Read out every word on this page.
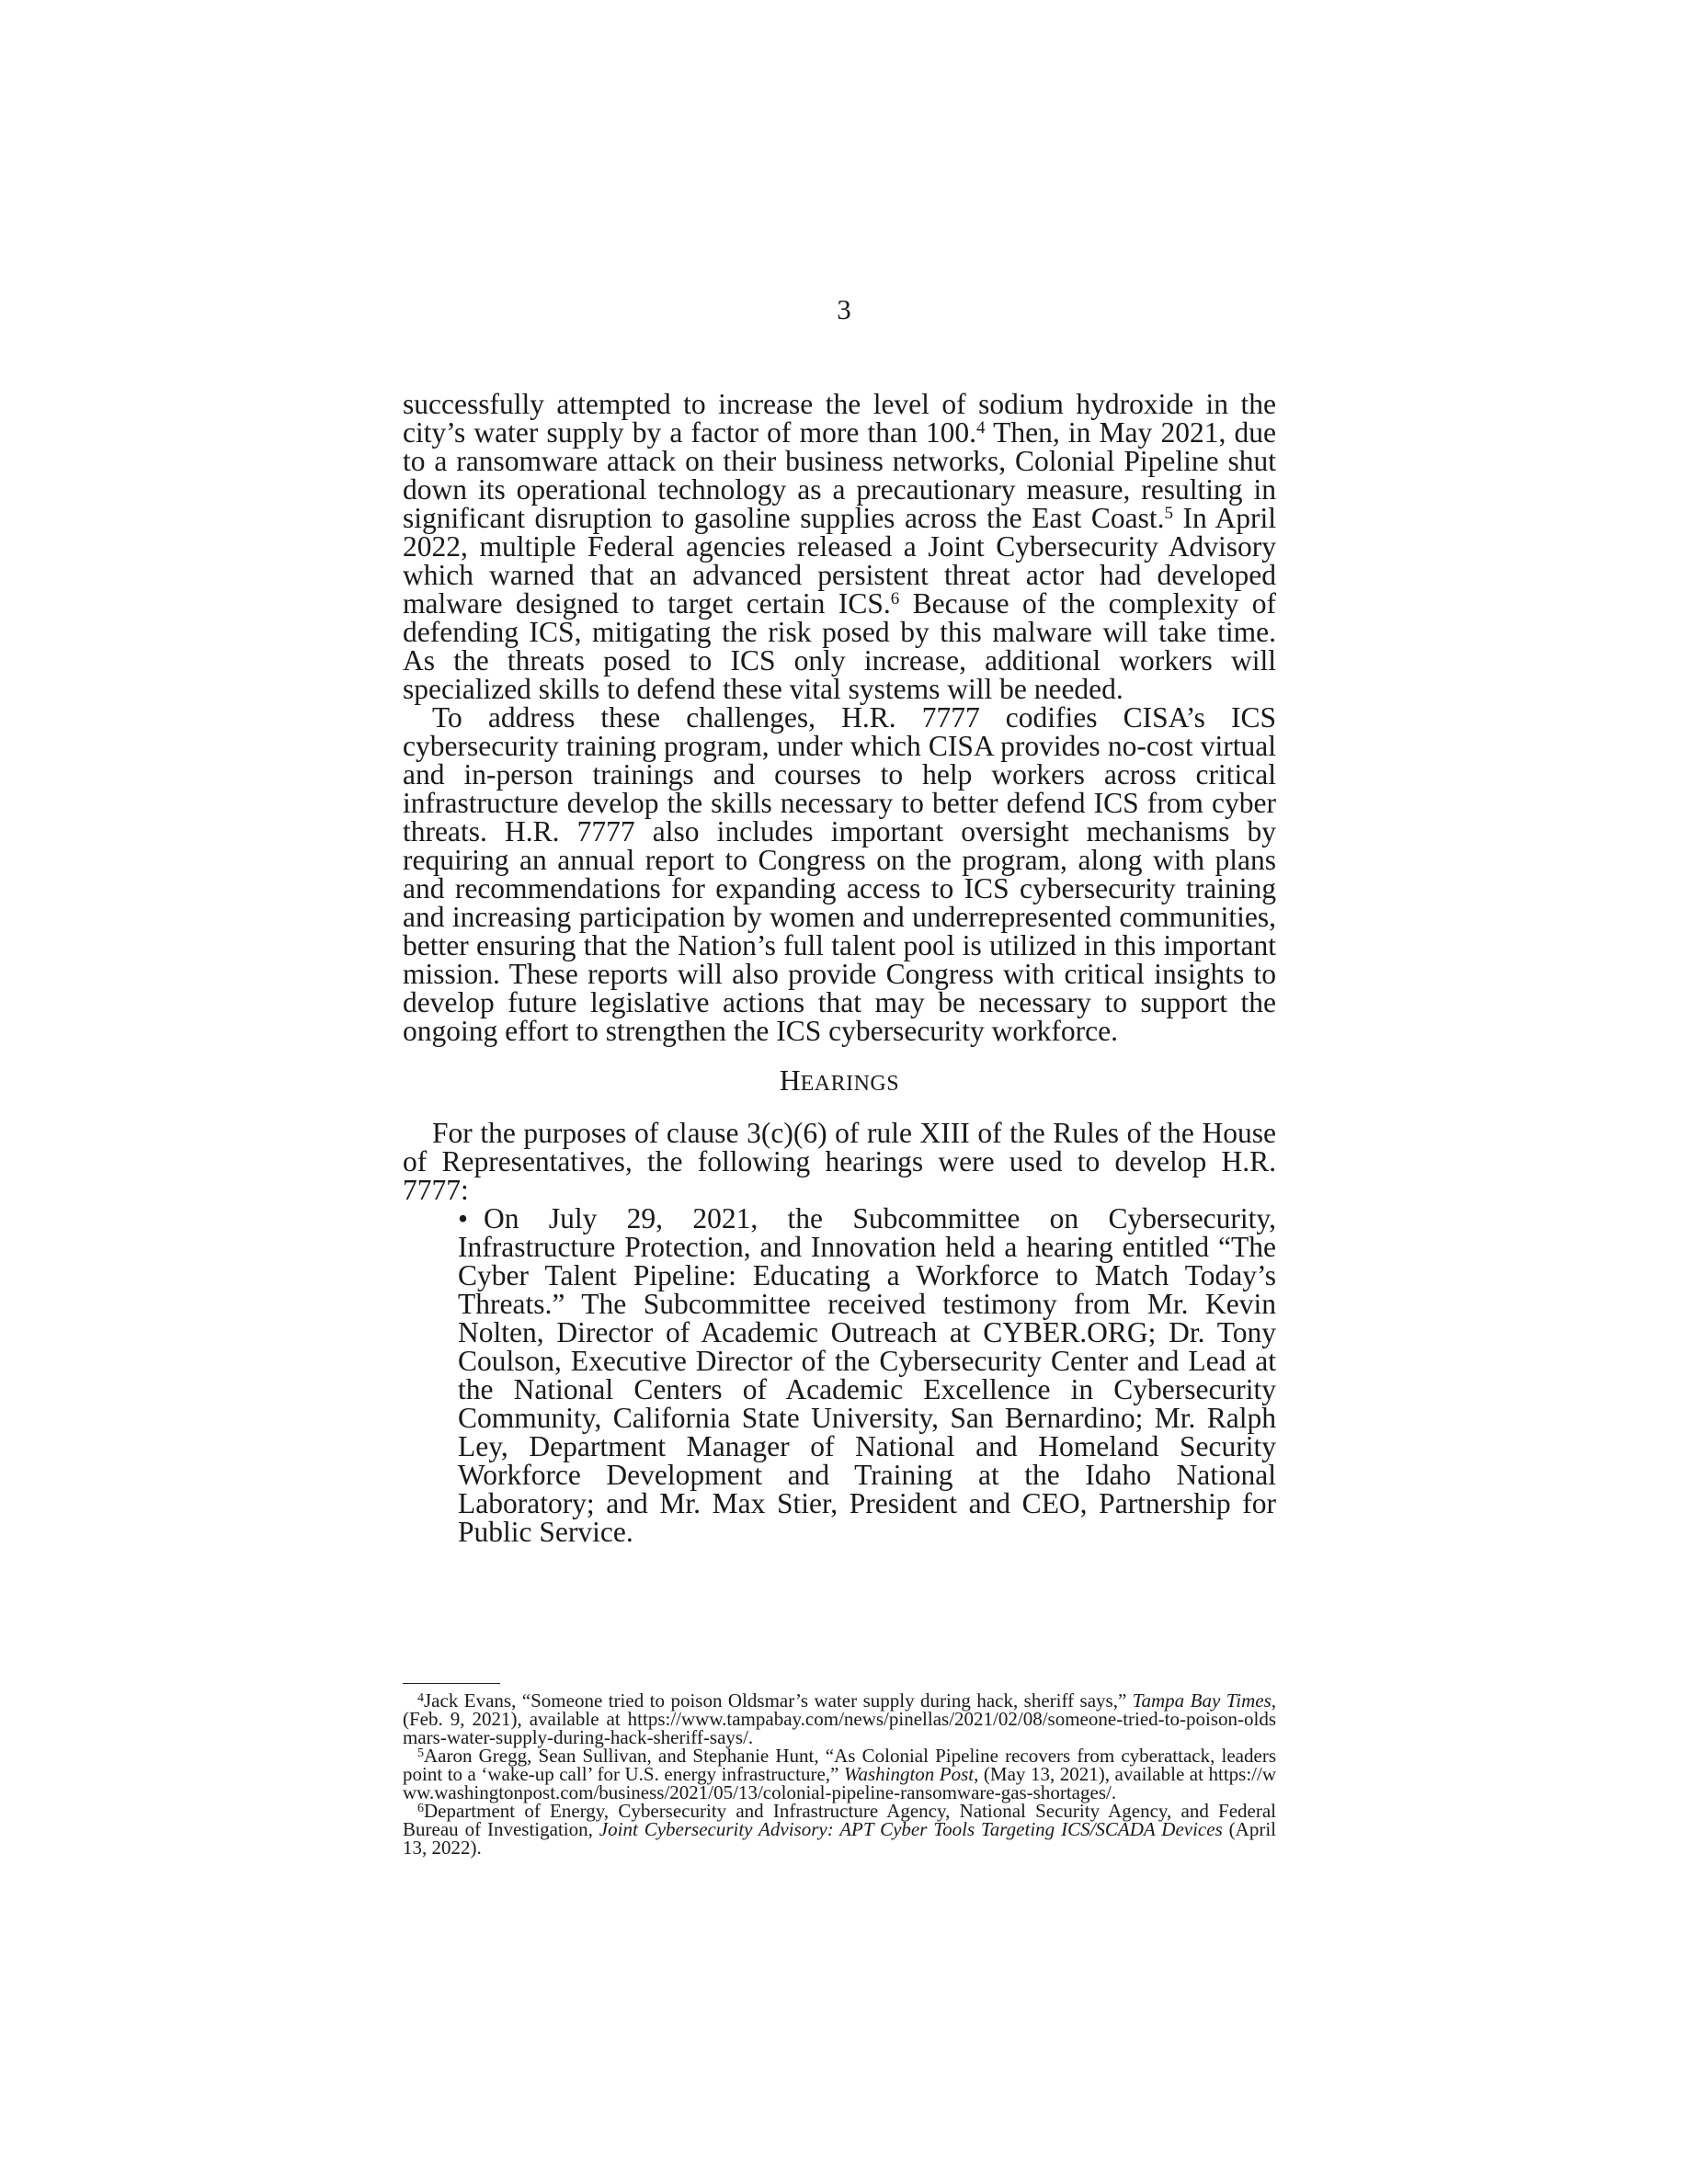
3

successfully attempted to increase the level of sodium hydroxide in the city’s water supply by a factor of more than 100.$^4$ Then, in May 2021, due to a ransomware attack on their business networks, Colonial Pipeline shut down its operational technology as a precautionary measure, resulting in significant disruption to gasoline supplies across the East Coast.$^5$ In April 2022, multiple Federal agencies released a Joint Cybersecurity Advisory which warned that an advanced persistent threat actor had developed malware designed to target certain ICS.$^6$ Because of the complexity of defending ICS, mitigating the risk posed by this malware will take time. As the threats posed to ICS only increase, additional workers will specialized skills to defend these vital systems will be needed.

To address these challenges, H.R. 7777 codifies CISA’s ICS cybersecurity training program, under which CISA provides no-cost virtual and in-person trainings and courses to help workers across critical infrastructure develop the skills necessary to better defend ICS from cyber threats. H.R. 7777 also includes important oversight mechanisms by requiring an annual report to Congress on the program, along with plans and recommendations for expanding access to ICS cybersecurity training and increasing participation by women and underrepresented communities, better ensuring that the Nation’s full talent pool is utilized in this important mission. These reports will also provide Congress with critical insights to develop future legislative actions that may be necessary to support the ongoing effort to strengthen the ICS cybersecurity workforce.

HEARINGS

For the purposes of clause 3(c)(6) of rule XIII of the Rules of the House of Representatives, the following hearings were used to develop H.R. 7777:

• On July 29, 2021, the Subcommittee on Cybersecurity, Infrastructure Protection, and Innovation held a hearing entitled “The Cyber Talent Pipeline: Educating a Workforce to Match Today’s Threats.” The Subcommittee received testimony from Mr. Kevin Nolten, Director of Academic Outreach at CYBER.ORG; Dr. Tony Coulson, Executive Director of the Cybersecurity Center and Lead at the National Centers of Academic Excellence in Cybersecurity Community, California State University, San Bernardino; Mr. Ralph Ley, Department Manager of National and Homeland Security Workforce Development and Training at the Idaho National Laboratory; and Mr. Max Stier, President and CEO, Partnership for Public Service.

$^4$Jack Evans, “Someone tried to poison Oldsmar’s water supply during hack, sheriff says,” Tampa Bay Times, (Feb. 9, 2021), available at https://www.tampabay.com/news/pinellas/2021/02/08/someone-tried-to-poison-oldsmars-water-supply-during-hack-sheriff-says/.

$^5$Aaron Gregg, Sean Sullivan, and Stephanie Hunt, “As Colonial Pipeline recovers from cyberattack, leaders point to a ‘wake-up call’ for U.S. energy infrastructure,” Washington Post, (May 13, 2021), available at https://www.washingtonpost.com/business/2021/05/13/colonial-pipeline-ransomware-gas-shortages/.

$^6$Department of Energy, Cybersecurity and Infrastructure Agency, National Security Agency, and Federal Bureau of Investigation, Joint Cybersecurity Advisory: APT Cyber Tools Targeting ICS/SCADA Devices (April 13, 2022).
